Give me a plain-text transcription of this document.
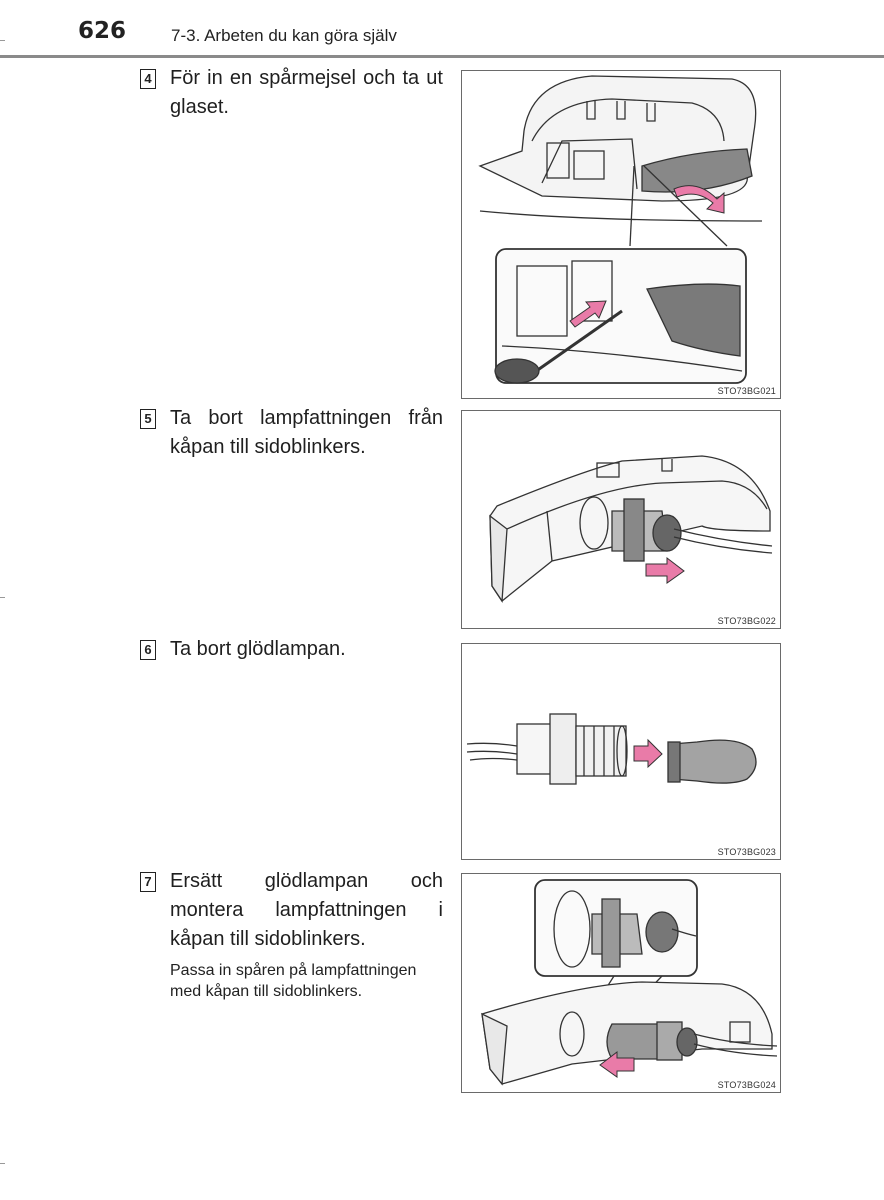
626	7-3. Arbeten du kan göra själv
4 För in en spårmejsel och ta ut glaset.

STO73BG021
5 Ta bort lampfattningen från kåpan till sidoblinkers.

STO73BG022
6 Ta bort glödlampan.

STO73BG023
7 Ersätt glödlampan och montera lampfattningen i kåpan till sidoblinkers.

Passa in spåren på lampfattningen med kåpan till sidoblinkers.

STO73BG024
